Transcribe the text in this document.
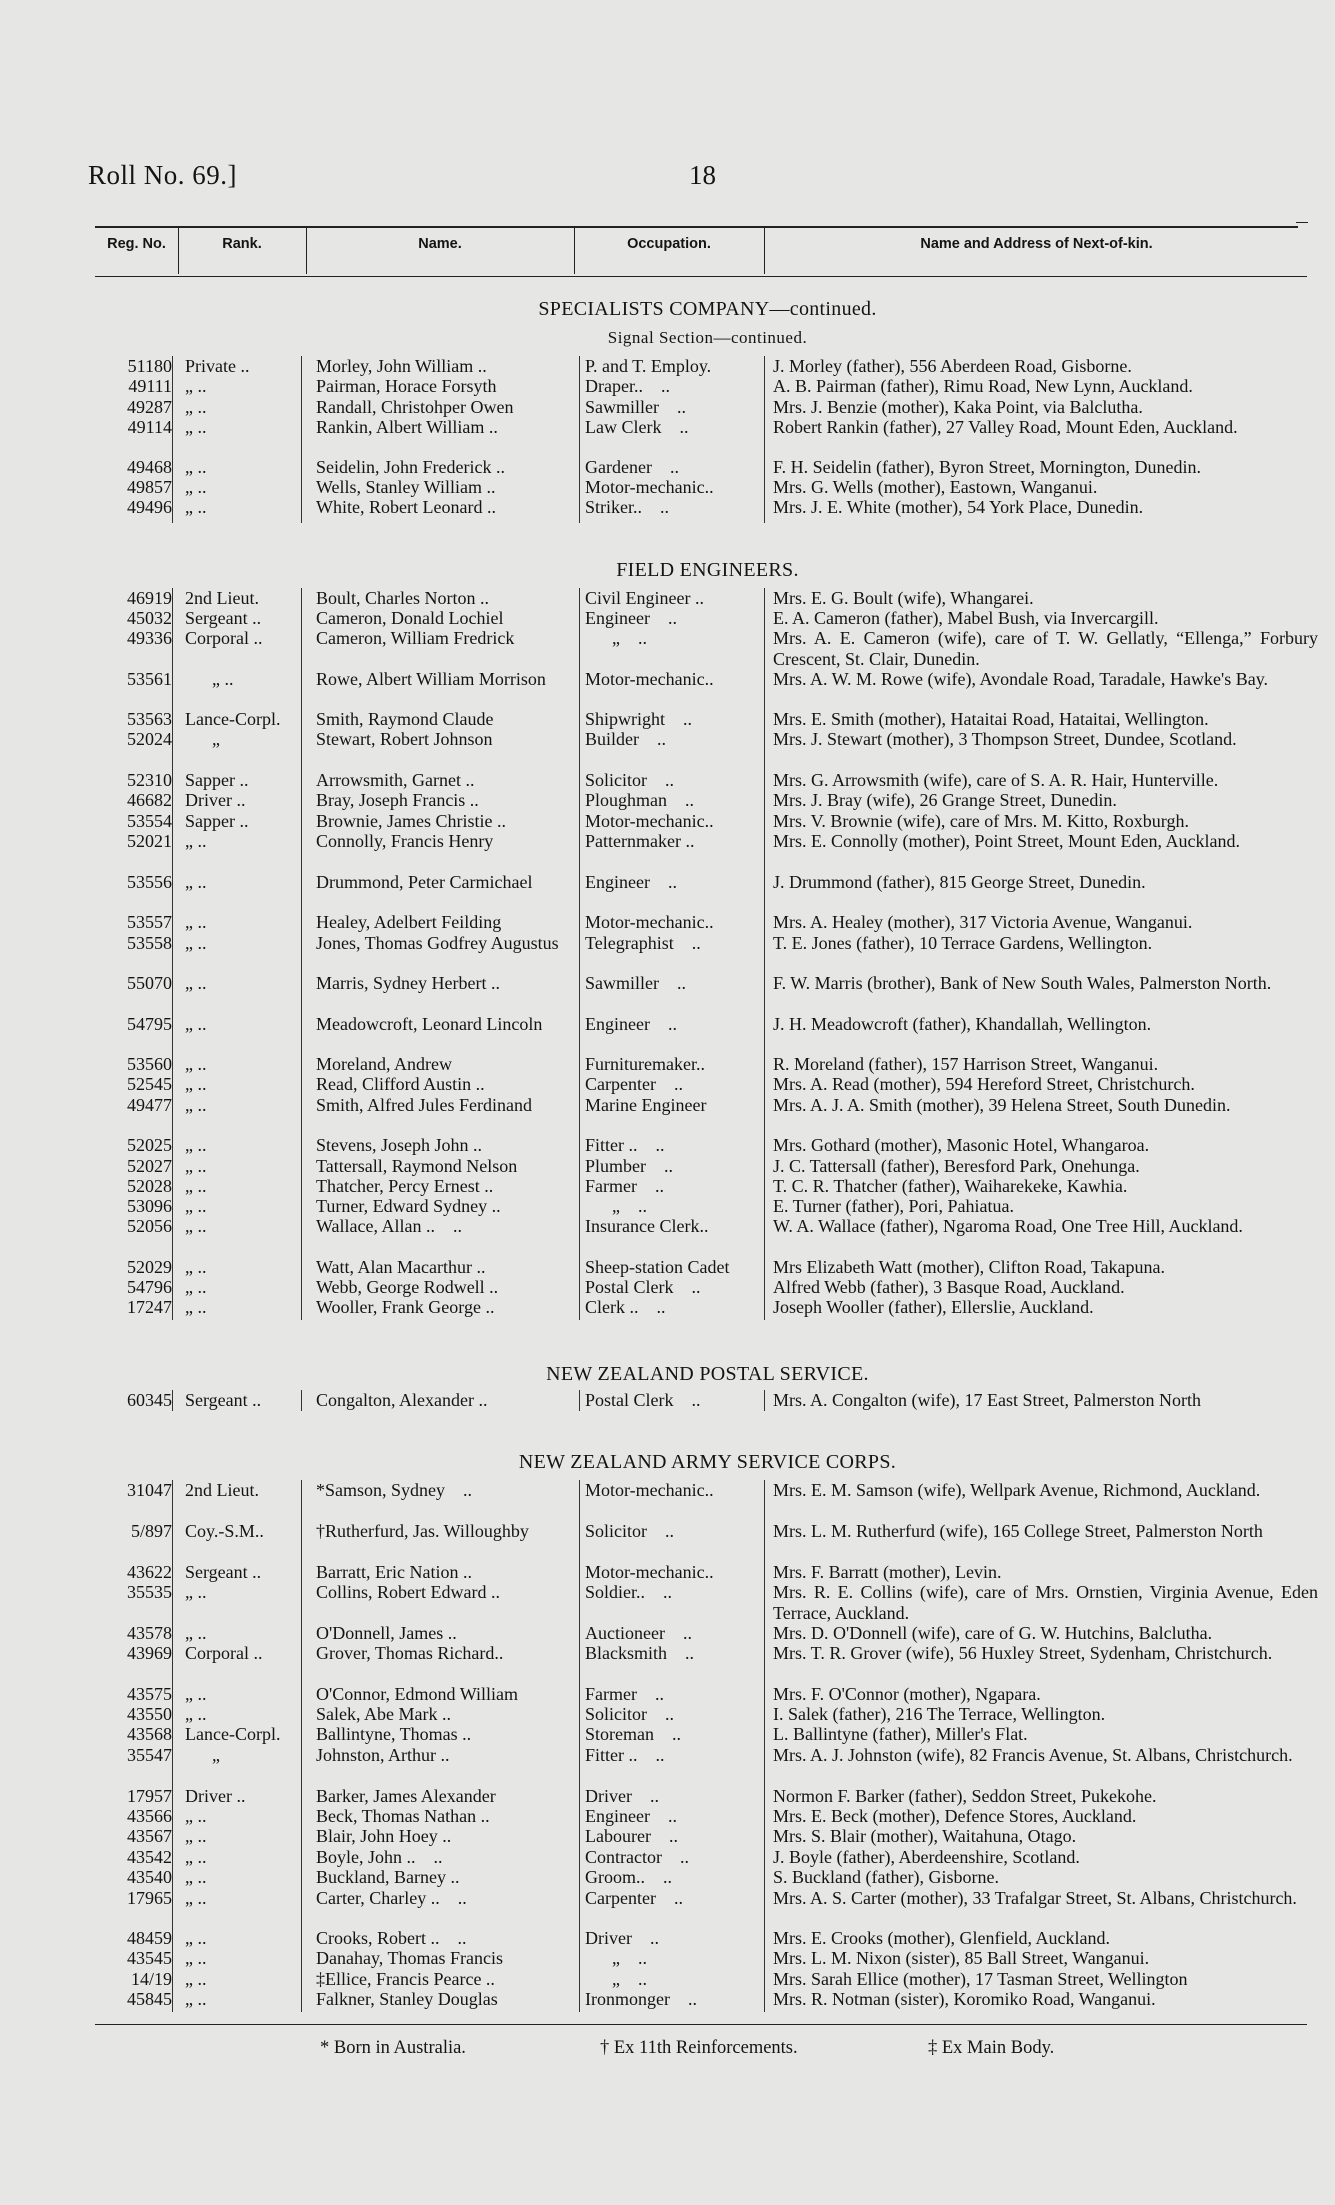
Roll No. 69.]	18
Reg. No.	Rank.	Name.	Occupation.	Name and Address of Next-of-kin.
SPECIALISTS COMPANY—continued.
Signal Section—continued.
FIELD ENGINEERS.
NEW ZEALAND POSTAL SERVICE.
NEW ZEALAND ARMY SERVICE CORPS.
51180 Private ..	Morley, John William ..	P. and T. Employ.	J. Morley (father), 556 Aberdeen Road, Gisborne.
49111 „ ..	Pairman, Horace Forsyth	Draper..    ..	A. B. Pairman (father), Rimu Road, New Lynn, Auckland.
49287 „ ..	Randall, Christohper Owen	Sawmiller    ..	Mrs. J. Benzie (mother), Kaka Point, via Balclutha.
49114 „ ..	Rankin, Albert William ..	Law Clerk    ..	Robert Rankin (father), 27 Valley Road, Mount Eden, Auckland.
49468 „ ..	Seidelin, John Frederick ..	Gardener    ..	F. H. Seidelin (father), Byron Street, Mornington, Dunedin.
49857 „ ..	Wells, Stanley William ..	Motor-mechanic..	Mrs. G. Wells (mother), Eastown, Wanganui.
49496 „ ..	White, Robert Leonard ..	Striker..    ..	Mrs. J. E. White (mother), 54 York Place, Dunedin.
46919 2nd Lieut.	Boult, Charles Norton ..	Civil Engineer ..	Mrs. E. G. Boult (wife), Whangarei.
45032 Sergeant ..	Cameron, Donald Lochiel	Engineer    ..	E. A. Cameron (father), Mabel Bush, via Invercargill.
49336 Corporal ..	Cameron, William Fredrick	„    ..	Mrs. A. E. Cameron (wife), care of T. W. Gellatly, “Ellenga,” Forbury Crescent, St. Clair, Dunedin.
53561 „ ..	Rowe, Albert William Morrison	Motor-mechanic..	Mrs. A. W. M. Rowe (wife), Avondale Road, Taradale, Hawke's Bay.
53563 Lance-Corpl.	Smith, Raymond Claude	Shipwright    ..	Mrs. E. Smith (mother), Hataitai Road, Hataitai, Wellington.
52024 „	Stewart, Robert Johnson	Builder    ..	Mrs. J. Stewart (mother), 3 Thompson Street, Dundee, Scotland.
52310 Sapper ..	Arrowsmith, Garnet ..	Solicitor    ..	Mrs. G. Arrowsmith (wife), care of S. A. R. Hair, Hunterville.
46682 Driver ..	Bray, Joseph Francis ..	Ploughman    ..	Mrs. J. Bray (wife), 26 Grange Street, Dunedin.
53554 Sapper ..	Brownie, James Christie ..	Motor-mechanic..	Mrs. V. Brownie (wife), care of Mrs. M. Kitto, Roxburgh.
52021 „ ..	Connolly, Francis Henry	Patternmaker ..	Mrs. E. Connolly (mother), Point Street, Mount Eden, Auckland.
53556 „ ..	Drummond, Peter Carmichael	Engineer    ..	J. Drummond (father), 815 George Street, Dunedin.
53557 „ ..	Healey, Adelbert Feilding	Motor-mechanic..	Mrs. A. Healey (mother), 317 Victoria Avenue, Wanganui.
53558 „ ..	Jones, Thomas Godfrey Augustus	Telegraphist    ..	T. E. Jones (father), 10 Terrace Gardens, Wellington.
55070 „ ..	Marris, Sydney Herbert ..	Sawmiller    ..	F. W. Marris (brother), Bank of New South Wales, Palmerston North.
54795 „ ..	Meadowcroft, Leonard Lincoln	Engineer    ..	J. H. Meadowcroft (father), Khandallah, Wellington.
53560 „ ..	Moreland, Andrew	Furnituremaker..	R. Moreland (father), 157 Harrison Street, Wanganui.
52545 „ ..	Read, Clifford Austin ..	Carpenter    ..	Mrs. A. Read (mother), 594 Hereford Street, Christchurch.
49477 „ ..	Smith, Alfred Jules Ferdinand	Marine Engineer	Mrs. A. J. A. Smith (mother), 39 Helena Street, South Dunedin.
52025 „ ..	Stevens, Joseph John ..	Fitter ..    ..	Mrs. Gothard (mother), Masonic Hotel, Whangaroa.
52027 „ ..	Tattersall, Raymond Nelson	Plumber    ..	J. C. Tattersall (father), Beresford Park, Onehunga.
52028 „ ..	Thatcher, Percy Ernest ..	Farmer    ..	T. C. R. Thatcher (father), Waiharekeke, Kawhia.
53096 „ ..	Turner, Edward Sydney ..	„    ..	E. Turner (father), Pori, Pahiatua.
52056 „ ..	Wallace, Allan ..    ..	Insurance Clerk..	W. A. Wallace (father), Ngaroma Road, One Tree Hill, Auckland.
52029 „ ..	Watt, Alan Macarthur ..	Sheep-station Cadet	Mrs Elizabeth Watt (mother), Clifton Road, Takapuna.
54796 „ ..	Webb, George Rodwell ..	Postal Clerk    ..	Alfred Webb (father), 3 Basque Road, Auckland.
17247 „ ..	Wooller, Frank George ..	Clerk ..    ..	Joseph Wooller (father), Ellerslie, Auckland.
60345 Sergeant ..	Congalton, Alexander ..	Postal Clerk    ..	Mrs. A. Congalton (wife), 17 East Street, Palmerston North
31047 2nd Lieut.	*Samson, Sydney    ..	Motor-mechanic..	Mrs. E. M. Samson (wife), Wellpark Avenue, Richmond, Auckland.
5/897 Coy.-S.M..	†Rutherfurd, Jas. Willoughby	Solicitor    ..	Mrs. L. M. Rutherfurd (wife), 165 College Street, Palmerston North
43622 Sergeant ..	Barratt, Eric Nation ..	Motor-mechanic..	Mrs. F. Barratt (mother), Levin.
35535 „ ..	Collins, Robert Edward ..	Soldier..    ..	Mrs. R. E. Collins (wife), care of Mrs. Ornstien, Virginia Avenue, Eden Terrace, Auckland.
43578 „ ..	O'Donnell, James ..	Auctioneer    ..	Mrs. D. O'Donnell (wife), care of G. W. Hutchins, Balclutha.
43969 Corporal ..	Grover, Thomas Richard..	Blacksmith    ..	Mrs. T. R. Grover (wife), 56 Huxley Street, Sydenham, Christchurch.
43575 „ ..	O'Connor, Edmond William	Farmer    ..	Mrs. F. O'Connor (mother), Ngapara.
43550 „ ..	Salek, Abe Mark ..	Solicitor    ..	I. Salek (father), 216 The Terrace, Wellington.
43568 Lance-Corpl.	Ballintyne, Thomas ..	Storeman    ..	L. Ballintyne (father), Miller's Flat.
35547 „	Johnston, Arthur ..	Fitter ..    ..	Mrs. A. J. Johnston (wife), 82 Francis Avenue, St. Albans, Christchurch.
17957 Driver ..	Barker, James Alexander	Driver    ..	Normon F. Barker (father), Seddon Street, Pukekohe.
43566 „ ..	Beck, Thomas Nathan ..	Engineer    ..	Mrs. E. Beck (mother), Defence Stores, Auckland.
43567 „ ..	Blair, John Hoey ..	Labourer    ..	Mrs. S. Blair (mother), Waitahuna, Otago.
43542 „ ..	Boyle, John ..    ..	Contractor    ..	J. Boyle (father), Aberdeenshire, Scotland.
43540 „ ..	Buckland, Barney ..	Groom..    ..	S. Buckland (father), Gisborne.
17965 „ ..	Carter, Charley ..    ..	Carpenter    ..	Mrs. A. S. Carter (mother), 33 Trafalgar Street, St. Albans, Christchurch.
48459 „ ..	Crooks, Robert ..    ..	Driver    ..	Mrs. E. Crooks (mother), Glenfield, Auckland.
43545 „ ..	Danahay, Thomas Francis	„    ..	Mrs. L. M. Nixon (sister), 85 Ball Street, Wanganui.
14/19 „ ..	‡Ellice, Francis Pearce ..	„    ..	Mrs. Sarah Ellice (mother), 17 Tasman Street, Wellington
45845 „ ..	Falkner, Stanley Douglas	Ironmonger    ..	Mrs. R. Notman (sister), Koromiko Road, Wanganui.
* Born in Australia.	† Ex 11th Reinforcements.	‡ Ex Main Body.
